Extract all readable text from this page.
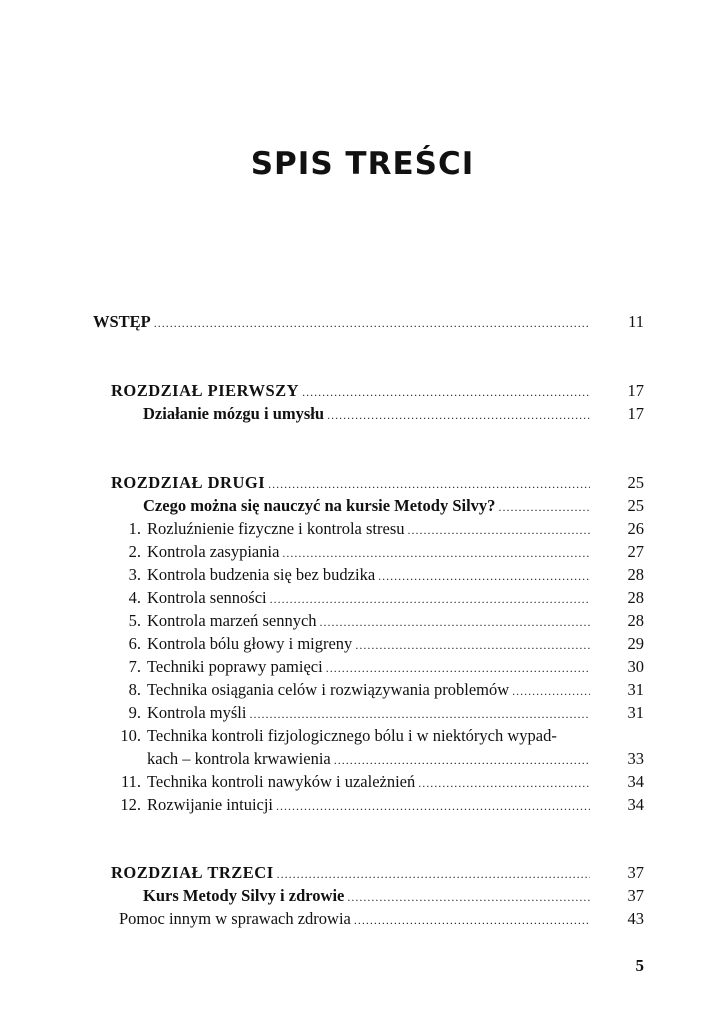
SPIS TREŚCI
WSTĘP .....	11
ROZDZIAŁ PIERWSZY .....	17
Działanie mózgu i umysłu .....	17
ROZDZIAŁ DRUGI .....	25
Czego można się nauczyć na kursie Metody Silvy? .....	25
1. Rozluźnienie fizyczne i kontrola stresu .....	26
2. Kontrola zasypiania .....	27
3. Kontrola budzenia się bez budzika .....	28
4. Kontrola senności .....	28
5. Kontrola marzeń sennych .....	28
6. Kontrola bólu głowy i migreny .....	29
7. Techniki poprawy pamięci .....	30
8. Technika osiągania celów i rozwiązywania problemów .....	31
9. Kontrola myśli .....	31
10. Technika kontroli fizjologicznego bólu i w niektórych wypad-
kach – kontrola krwawienia .....	33
11. Technika kontroli nawyków i uzależnień .....	34
12. Rozwijanie intuicji .....	34
ROZDZIAŁ TRZECI .....	37
Kurs Metody Silvy i zdrowie .....	37
Pomoc innym w sprawach zdrowia .....	43
5
